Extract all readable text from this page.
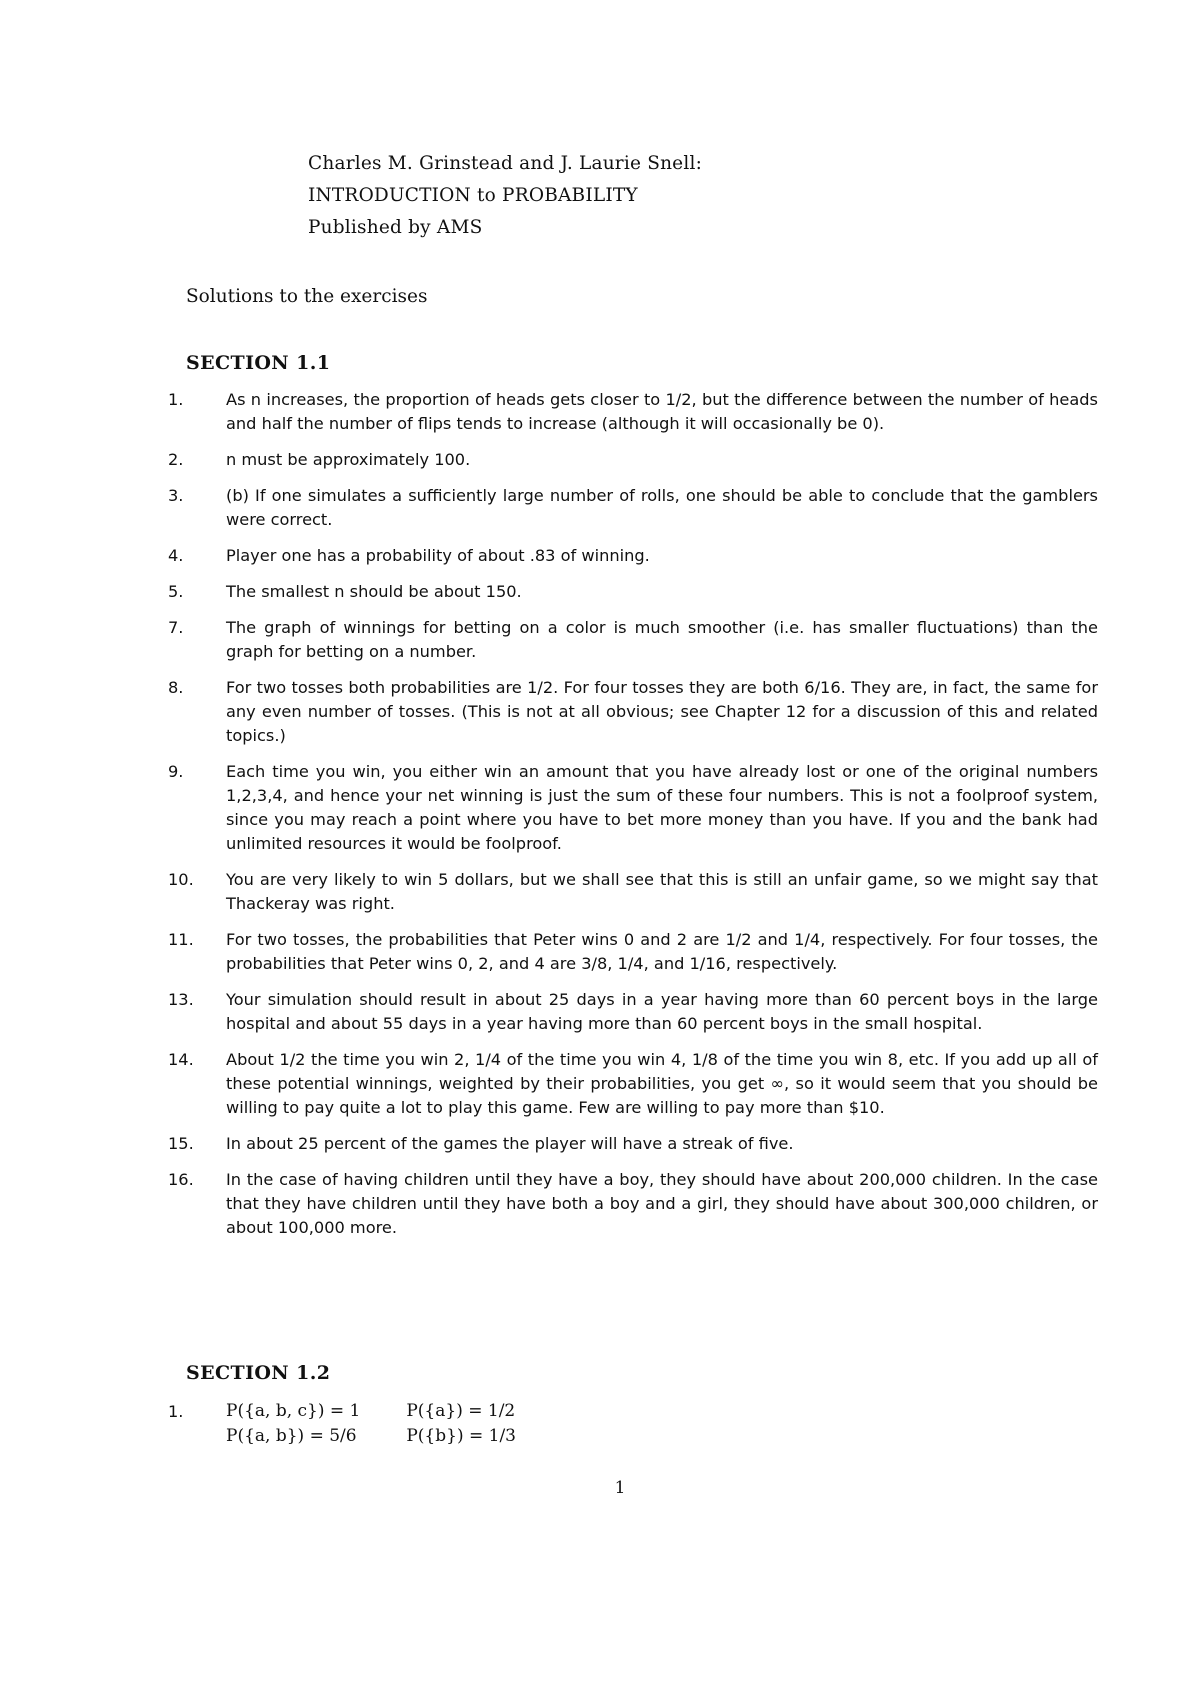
Charles M. Grinstead and J. Laurie Snell:
INTRODUCTION to PROBABILITY
Published by AMS
Solutions to the exercises
SECTION 1.1
1.	As n increases, the proportion of heads gets closer to 1/2, but the difference between the number of heads and half the number of flips tends to increase (although it will occasionally be 0).
2.	n must be approximately 100.
3.	(b) If one simulates a sufficiently large number of rolls, one should be able to conclude that the gamblers were correct.
4.	Player one has a probability of about .83 of winning.
5.	The smallest n should be about 150.
7.	The graph of winnings for betting on a color is much smoother (i.e. has smaller fluctuations) than the graph for betting on a number.
8.	For two tosses both probabilities are 1/2. For four tosses they are both 6/16. They are, in fact, the same for any even number of tosses. (This is not at all obvious; see Chapter 12 for a discussion of this and related topics.)
9.	Each time you win, you either win an amount that you have already lost or one of the original numbers 1,2,3,4, and hence your net winning is just the sum of these four numbers. This is not a foolproof system, since you may reach a point where you have to bet more money than you have. If you and the bank had unlimited resources it would be foolproof.
10.	You are very likely to win 5 dollars, but we shall see that this is still an unfair game, so we might say that Thackeray was right.
11.	For two tosses, the probabilities that Peter wins 0 and 2 are 1/2 and 1/4, respectively. For four tosses, the probabilities that Peter wins 0, 2, and 4 are 3/8, 1/4, and 1/16, respectively.
13.	Your simulation should result in about 25 days in a year having more than 60 percent boys in the large hospital and about 55 days in a year having more than 60 percent boys in the small hospital.
14.	About 1/2 the time you win 2, 1/4 of the time you win 4, 1/8 of the time you win 8, etc. If you add up all of these potential winnings, weighted by their probabilities, you get ∞, so it would seem that you should be willing to pay quite a lot to play this game. Few are willing to pay more than $10.
15.	In about 25 percent of the games the player will have a streak of five.
16.	In the case of having children until they have a boy, they should have about 200,000 children. In the case that they have children until they have both a boy and a girl, they should have about 300,000 children, or about 100,000 more.
SECTION 1.2
1.	P({a, b, c}) = 1	P({a}) = 1/2
P({a, b}) = 5/6	P({b}) = 1/3
1
